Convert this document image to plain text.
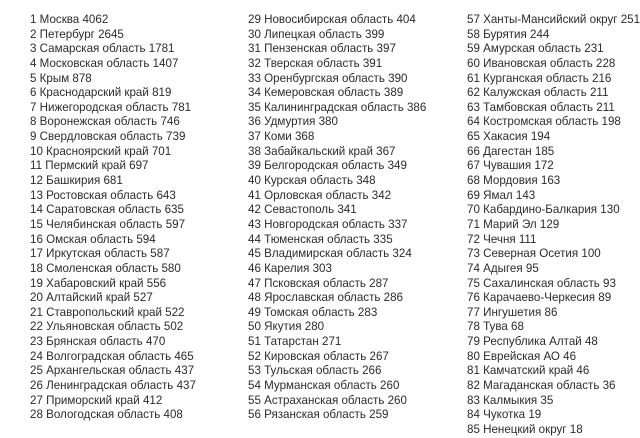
1 Москва 4062
2 Петербург 2645
3 Самарская область 1781
4 Московская область 1407
5 Крым 878
6 Краснодарский край 819
7 Нижегородская область 781
8 Воронежская область 746
9 Свердловская область 739
10 Красноярский край 701
11 Пермский край 697
12 Башкирия 681
13 Ростовская область 643
14 Саратовская область 635
15 Челябинская область 597
16 Омская область 594
17 Иркутская область 587
18 Смоленская область 580
19 Хабаровский край 556
20 Алтайский край 527
21 Ставропольский край 522
22 Ульяновская область 502
23 Брянская область 470
24 Волгоградская область 465
25 Архангельская область 437
26 Ленинградская область 437
27 Приморский край 412
28 Вологодская область 408
29 Новосибирская область 404
30 Липецкая область 399
31 Пензенская область 397
32 Тверская область 391
33 Оренбургская область 390
34 Кемеровская область 389
35 Калининградская область 386
36 Удмуртия 380
37 Коми 368
38 Забайкальский край 367
39 Белгородская область 349
40 Курская область 348
41 Орловская область 342
42 Севастополь 341
43 Новгородская область 337
44 Тюменская область 335
45 Владимирская область 324
46 Карелия 303
47 Псковская область 287
48 Ярославская область 286
49 Томская область 283
50 Якутия 280
51 Татарстан 271
52 Кировская область 267
53 Тульская область 266
54 Мурманская область 260
55 Астраханская область 260
56 Рязанская область 259
57 Ханты-Мансийский округ 251
58 Бурятия 244
59 Амурская область 231
60 Ивановская область 228
61 Курганская область 216
62 Калужская область 211
63 Тамбовская область 211
64 Костромская область 198
65 Хакасия 194
66 Дагестан 185
67 Чувашия 172
68 Мордовия 163
69 Ямал 143
70 Кабардино-Балкария 130
71 Марий Эл 129
72 Чечня 111
73 Северная Осетия 100
74 Адыгея 95
75 Сахалинская область 93
76 Карачаево-Черкесия 89
77 Ингушетия 86
78 Тува 68
79 Республика Алтай 48
80 Еврейская АО 46
81 Камчатский край 46
82 Магаданская область 36
83 Калмыкия 35
84 Чукотка 19
85 Ненецкий округ 18
